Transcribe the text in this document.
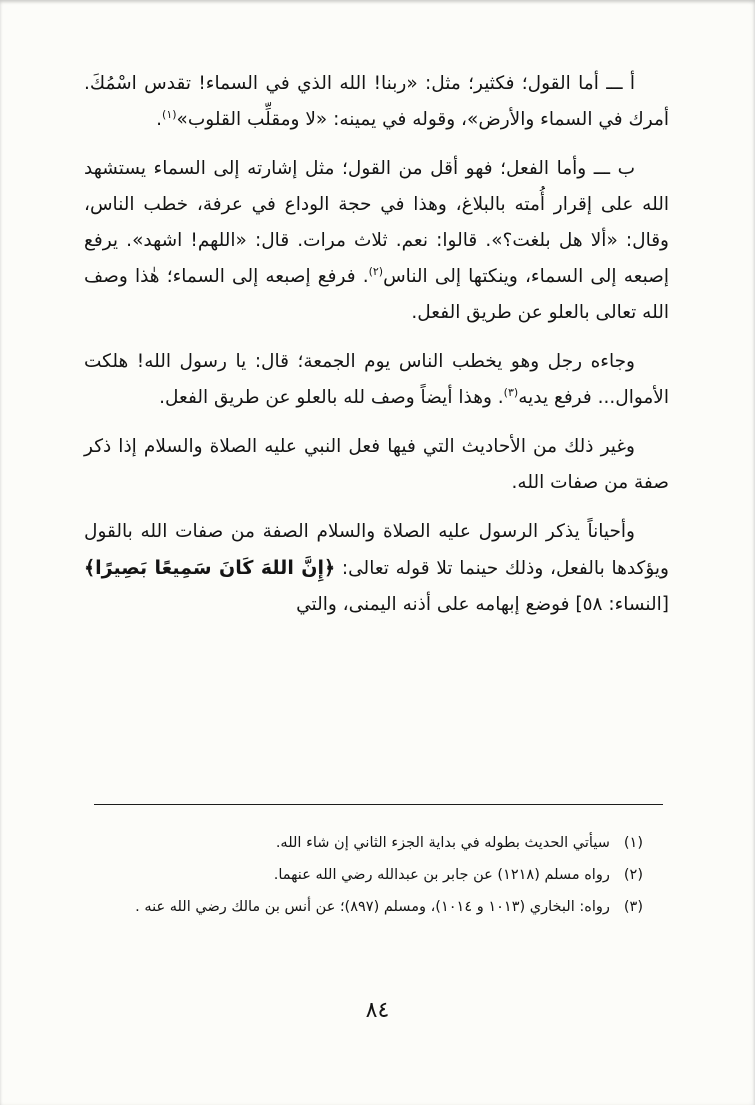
أ ـــ أما القول؛ فكثير؛ مثل: «ربنا! الله الذي في السماء! تقدس اسْمُكَ. أمرك في السماء والأرض»، وقوله في يمينه: «لا ومقلِّب القلوب»$^{(١)}$.

ب ـــ وأما الفعل؛ فهو أقل من القول؛ مثل إشارته إلى السماء يستشهد الله على إقرار أُمته بالبلاغ، وهذا في حجة الوداع في عرفة، خطب الناس، وقال: «ألا هل بلغت؟». قالوا: نعم. ثلاث مرات. قال: «اللهم! اشهد». يرفع إصبعه إلى السماء، وينكتها إلى الناس$^{(٢)}$. فرفع إصبعه إلى السماء؛ هٰذا وصف الله تعالى بالعلو عن طريق الفعل.

وجاءه رجل وهو يخطب الناس يوم الجمعة؛ قال: يا رسول الله! هلكت الأموال... فرفع يديه$^{(٣)}$. وهذا أيضاً وصف لله بالعلو عن طريق الفعل.

وغير ذلك من الأحاديث التي فيها فعل النبي عليه الصلاة والسلام إذا ذكر صفة من صفات الله.

وأحياناً يذكر الرسول عليه الصلاة والسلام الصفة من صفات الله بالقول ويؤكدها بالفعل، وذلك حينما تلا قوله تعالى: ﴿إِنَّ اللهَ كَانَ سَمِيعًا بَصِيرًا﴾ [النساء: ٥٨] فوضع إبهامه على أذنه اليمنى، والتي

(١)
سيأتي الحديث بطوله في بداية الجزء الثاني إن شاء الله.
(٢)
رواه مسلم (١٢١٨) عن جابر بن عبدالله رضي الله عنهما.
(٣)
رواه: البخاري (١٠١٣ و ١٠١٤)، ومسلم (٨٩٧)؛ عن أنس بن مالك رضي الله عنه .
٨٤
